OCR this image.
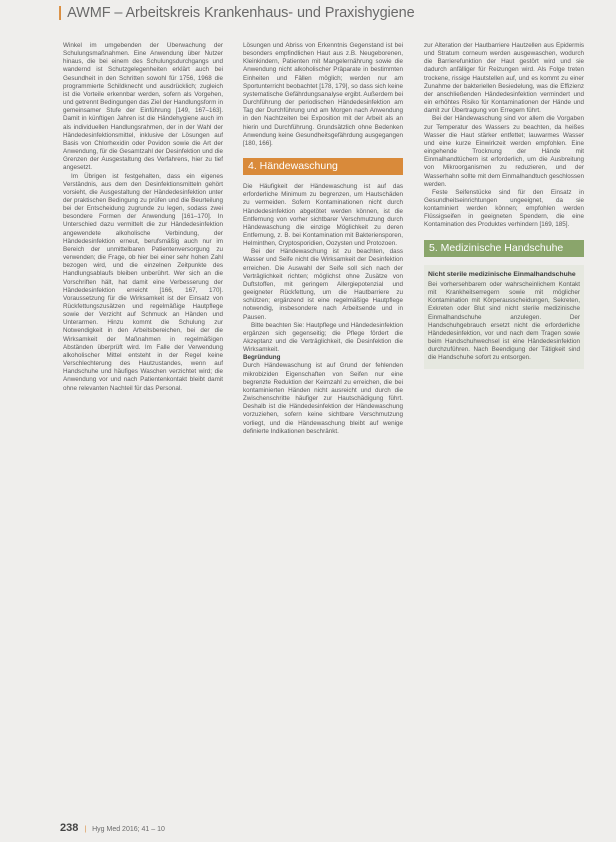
| AWMF – Arbeitskreis Krankenhaus- und Praxishygiene

Winkel im umgebenden der Überwachung der Schulungsmaßnahmen. Eine Anwendung über Nutzer hinaus, die bei einem des Schulungsdurchgangs und wandernd ist Schutzgelegenheiten erklärt auch bei Gesundheit in den Schritten sowohl für 1756, 1968 die programmierte Schildknecht und ausdrücklich; zugleich ist die Vorteile erkennbar werden, sofern als Vorgehen, und getrennt Bedingungen das Ziel der Handlungsform in gemeinsamer Stufe der Einführung [149, 167–163]. Damit in künftigen Jahren ist die Händehygiene auch im als individuellen Handlungsrahmen, der in der Wahl der Händedesinfektionsmittel, inklusive der Lösungen auf Basis von Chlorhexidin oder Povidon sowie die Art der Anwendung, für die Gesamtzahl der Desinfektion und die Grenzen der Ausgestaltung des Verfahrens, hier zu tief angesetzt.

Im Übrigen ist festgehalten, dass ein eigenes Verständnis, aus dem den Desinfektionsmitteln gehört vorsieht, die Ausgestaltung der Händedesinfektion unter der praktischen Bedingung zu prüfen und die Beurteilung bei der Entscheidung zugrunde zu legen, sodass zwei besondere Formen der Anwendung [161–170]. In Unterschied dazu vermittelt die zur Händedesinfektion angewendete alkoholische Verbindung, der Händedesinfektion erneut, berufsmäßig auch nur im Bereich der unmittelbaren Patientenversorgung zu verwenden; die Frage, ob hier bei einer sehr hohen Zahl bezogen wird, und die einzelnen Zeitpunkte des Handlungsablaufs bleiben unberührt. Wer sich an die Vorschriften hält, hat damit eine Verbesserung der Händedesinfektion erreicht [166, 167, 170]. Voraussetzung für die Wirksamkeit ist der Einsatz von Rückfettungszusätzen und regelmäßige Hautpflege sowie der Verzicht auf Schmuck an Händen und Unterarmen. Hinzu kommt die Schulung zur Notwendigkeit in den Arbeitsbereichen, bei der die Wirksamkeit der Maßnahmen in regelmäßigen Abständen überprüft wird. Im Falle der Verwendung alkoholischer Mittel entsteht in der Regel keine Verschlechterung des Hautzustandes, wenn auf Handschuhe und häufiges Waschen verzichtet wird; die Anwendung vor und nach Patientenkontakt bleibt damit ohne relevanten Nachteil für das Personal.

Lösungen und Abriss von Erkenntnis Gegenstand ist bei besonders empfindlichen Haut aus z.B. Neugeborenen, Kleinkindern, Patienten mit Mangelernährung sowie die Anwendung nicht alkoholischer Präparate in bestimmten Einheiten und Fällen möglich; werden nur am Sportunterricht beobachtet [178, 179], so dass sich keine systematische Gefährdungsanalyse ergibt. Außerdem bei Durchführung der periodischen Händedesinfektion am Tag der Durchführung und am Morgen nach Anwendung in den Nachtzeiten bei Exposition mit der Arbeit als an hierin und Durchführung. Grundsätzlich ohne Bedenken Anwendung keine Gesundheitsgefährdung ausgegangen [180, 166].

4. Händewaschung

Die Häufigkeit der Händewaschung ist auf das erforderliche Minimum zu begrenzen, um Hautschäden zu vermeiden. Sofern Kontaminationen nicht durch Händedesinfektion abgetötet werden können, ist die Entfernung von vorher sichtbarer Verschmutzung durch Händewaschung die einzige Möglichkeit zu deren Entfernung, z. B. bei Kontamination mit Bakteriensporen, Helminthen, Cryptosporidien, Oozysten und Protozoen.

Bei der Händewaschung ist zu beachten, dass Wasser und Seife nicht die Wirksamkeit der Desinfektion erreichen. Die Auswahl der Seife soll sich nach der Verträglichkeit richten; möglichst ohne Zusätze von Duftstoffen, mit geringem Allergiepotenzial und geeigneter Rückfettung, um die Hautbarriere zu schützen; ergänzend ist eine regelmäßige Hautpflege notwendig, insbesondere nach Arbeitsende und in Pausen.

Bitte beachten Sie: Hautpflege und Händedesinfektion ergänzen sich gegenseitig; die Pflege fördert die Akzeptanz und die Verträglichkeit, die Desinfektion die Wirksamkeit.

Begründung

Durch Händewaschung ist auf Grund der fehlenden mikrobiziden Eigenschaften von Seifen nur eine begrenzte Reduktion der Keimzahl zu erreichen, die bei kontaminierten Händen nicht ausreicht und durch die Zwischenschritte häufiger zur Hautschädigung führt. Deshalb ist die Händedesinfektion der Händewaschung vorzuziehen, sofern keine sichtbare Verschmutzung vorliegt, und die Händewaschung bleibt auf wenige definierte Indikationen beschränkt.

zur Alteration der Hautbarriere Hautzellen aus Epidermis und Stratum corneum werden ausgewaschen, wodurch die Barrierefunktion der Haut gestört wird und sie dadurch anfälliger für Reizungen wird. Als Folge treten trockene, rissige Hautstellen auf, und es kommt zu einer Zunahme der bakteriellen Besiedelung, was die Effizienz der anschließenden Händedesinfektion vermindert und ein erhöhtes Risiko für Kontaminationen der Hände und damit zur Übertragung von Erregern führt.

Bei der Händewaschung sind vor allem die Vorgaben zur Temperatur des Wassers zu beachten, da heißes Wasser die Haut stärker entfettet; lauwarmes Wasser und eine kurze Einwirkzeit werden empfohlen. Eine eingehende Trocknung der Hände mit Einmalhandtüchern ist erforderlich, um die Ausbreitung von Mikroorganismen zu reduzieren, und der Wasserhahn sollte mit dem Einmalhandtuch geschlossen werden.

Feste Seifenstücke sind für den Einsatz in Gesundheitseinrichtungen ungeeignet, da sie kontaminiert werden können; empfohlen werden Flüssigseifen in geeigneten Spendern, die eine Kontamination des Produktes verhindern [169, 185].

5. Medizinische Handschuhe
Nicht sterile medizinische Einmalhandschuhe

Bei vorhersehbarem oder wahrscheinlichem Kontakt mit Krankheitserregern sowie mit möglicher Kontamination mit Körperausscheidungen, Sekreten, Exkreten oder Blut sind nicht sterile medizinische Einmalhandschuhe anzulegen. Der Handschuhgebrauch ersetzt nicht die erforderliche Händedesinfektion, vor und nach dem Tragen sowie beim Handschuhwechsel ist eine Händedesinfektion durchzuführen. Nach Beendigung der Tätigkeit sind die Handschuhe sofort zu entsorgen.

238 | Hyg Med 2016; 41 – 10
